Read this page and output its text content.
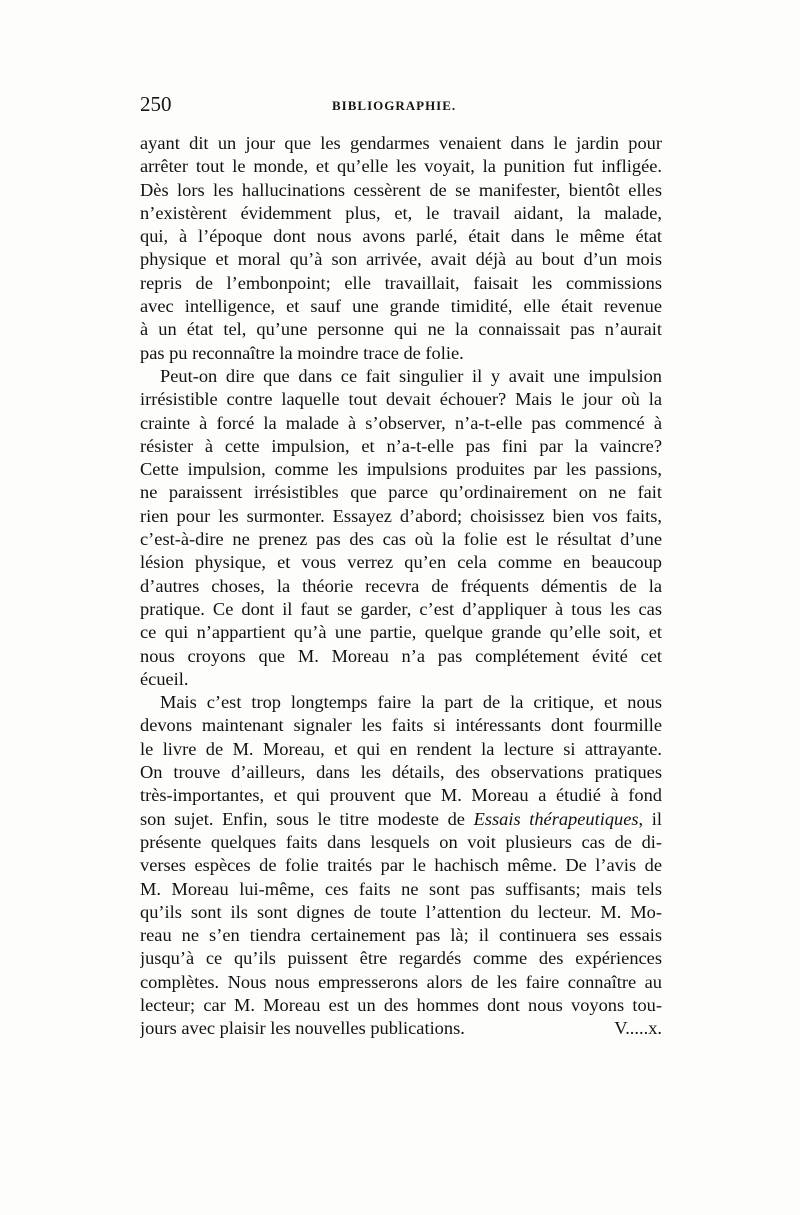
250	BIBLIOGRAPHIE.
ayant dit un jour que les gendarmes venaient dans le jardin pour
arrêter tout le monde, et qu’elle les voyait, la punition fut infligée.
Dès lors les hallucinations cessèrent de se manifester, bientôt elles
n’existèrent évidemment plus, et, le travail aidant, la malade,
qui, à l’époque dont nous avons parlé, était dans le même état
physique et moral qu’à son arrivée, avait déjà au bout d’un mois
repris de l’embonpoint; elle travaillait, faisait les commissions
avec intelligence, et sauf une grande timidité, elle était revenue
à un état tel, qu’une personne qui ne la connaissait pas n’aurait
pas pu reconnaître la moindre trace de folie.
Peut-on dire que dans ce fait singulier il y avait une impulsion
irrésistible contre laquelle tout devait échouer? Mais le jour où la
crainte à forcé la malade à s’observer, n’a-t-elle pas commencé à
résister à cette impulsion, et n’a-t-elle pas fini par la vaincre?
Cette impulsion, comme les impulsions produites par les passions,
ne paraissent irrésistibles que parce qu’ordinairement on ne fait
rien pour les surmonter. Essayez d’abord; choisissez bien vos faits,
c’est-à-dire ne prenez pas des cas où la folie est le résultat d’une
lésion physique, et vous verrez qu’en cela comme en beaucoup
d’autres choses, la théorie recevra de fréquents démentis de la
pratique. Ce dont il faut se garder, c’est d’appliquer à tous les cas
ce qui n’appartient qu’à une partie, quelque grande qu’elle soit, et
nous croyons que M. Moreau n’a pas complétement évité cet
écueil.
Mais c’est trop longtemps faire la part de la critique, et nous
devons maintenant signaler les faits si intéressants dont fourmille
le livre de M. Moreau, et qui en rendent la lecture si attrayante.
On trouve d’ailleurs, dans les détails, des observations pratiques
très-importantes, et qui prouvent que M. Moreau a étudié à fond
son sujet. Enfin, sous le titre modeste de Essais thérapeutiques, il
présente quelques faits dans lesquels on voit plusieurs cas de di-
verses espèces de folie traités par le hachisch même. De l’avis de
M. Moreau lui-même, ces faits ne sont pas suffisants; mais tels
qu’ils sont ils sont dignes de toute l’attention du lecteur. M. Mo-
reau ne s’en tiendra certainement pas là; il continuera ses essais
jusqu’à ce qu’ils puissent être regardés comme des expériences
complètes. Nous nous empresserons alors de les faire connaître au
lecteur; car M. Moreau est un des hommes dont nous voyons tou-
jours avec plaisir les nouvelles publications.	V.....x.
